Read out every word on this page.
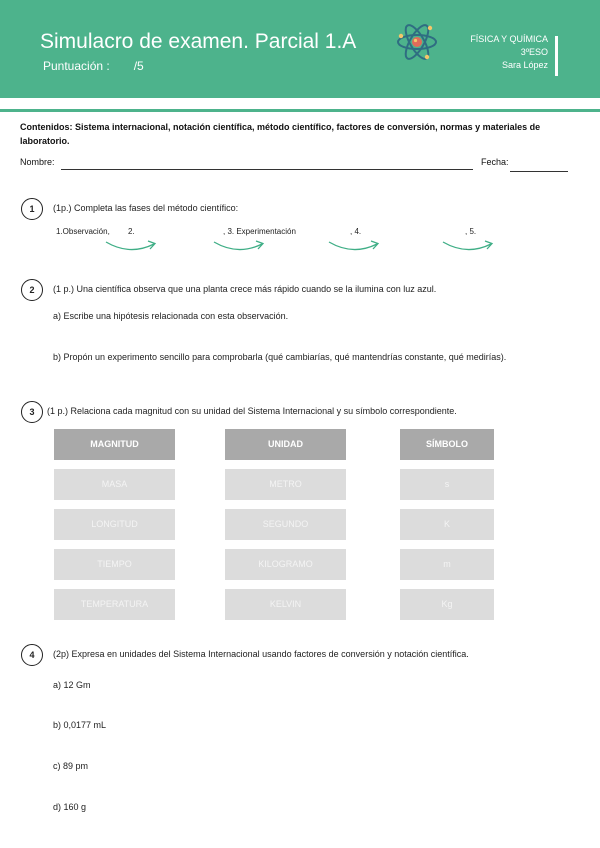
Simulacro de examen. Parcial 1.A
Puntuación : /5
FÍSICA Y QUÍMICA
3ºESO
Sara López
Contenidos: Sistema internacional, notación científica, método científico, factores de conversión, normas y materiales de laboratorio.
Nombre:	Fecha:
1	(1p.) Completa las fases del método científico:
1.Observación, 2.	, 3. Experimentación	, 4.	, 5.
2	(1 p.) Una científica observa que una planta crece más rápido cuando se la ilumina con luz azul.
a) Escribe una hipótesis relacionada con esta observación.
b) Propón un experimento sencillo para comprobarla (qué cambiarías, qué mantendrías constante, qué medirías).
3	(1 p.) Relaciona cada magnitud con su unidad del Sistema Internacional y su símbolo correspondiente.
MAGNITUD	UNIDAD	SÍMBOLO
MASA	METRO	s
LONGITUD	SEGUNDO	K
TIEMPO	KILOGRAMO	m
TEMPERATURA	KELVIN	Kg
4	(2p) Expresa en unidades del Sistema Internacional usando factores de conversión y notación científica.
a) 12 Gm
b) 0,0177 mL
c) 89 pm
d) 160 g
